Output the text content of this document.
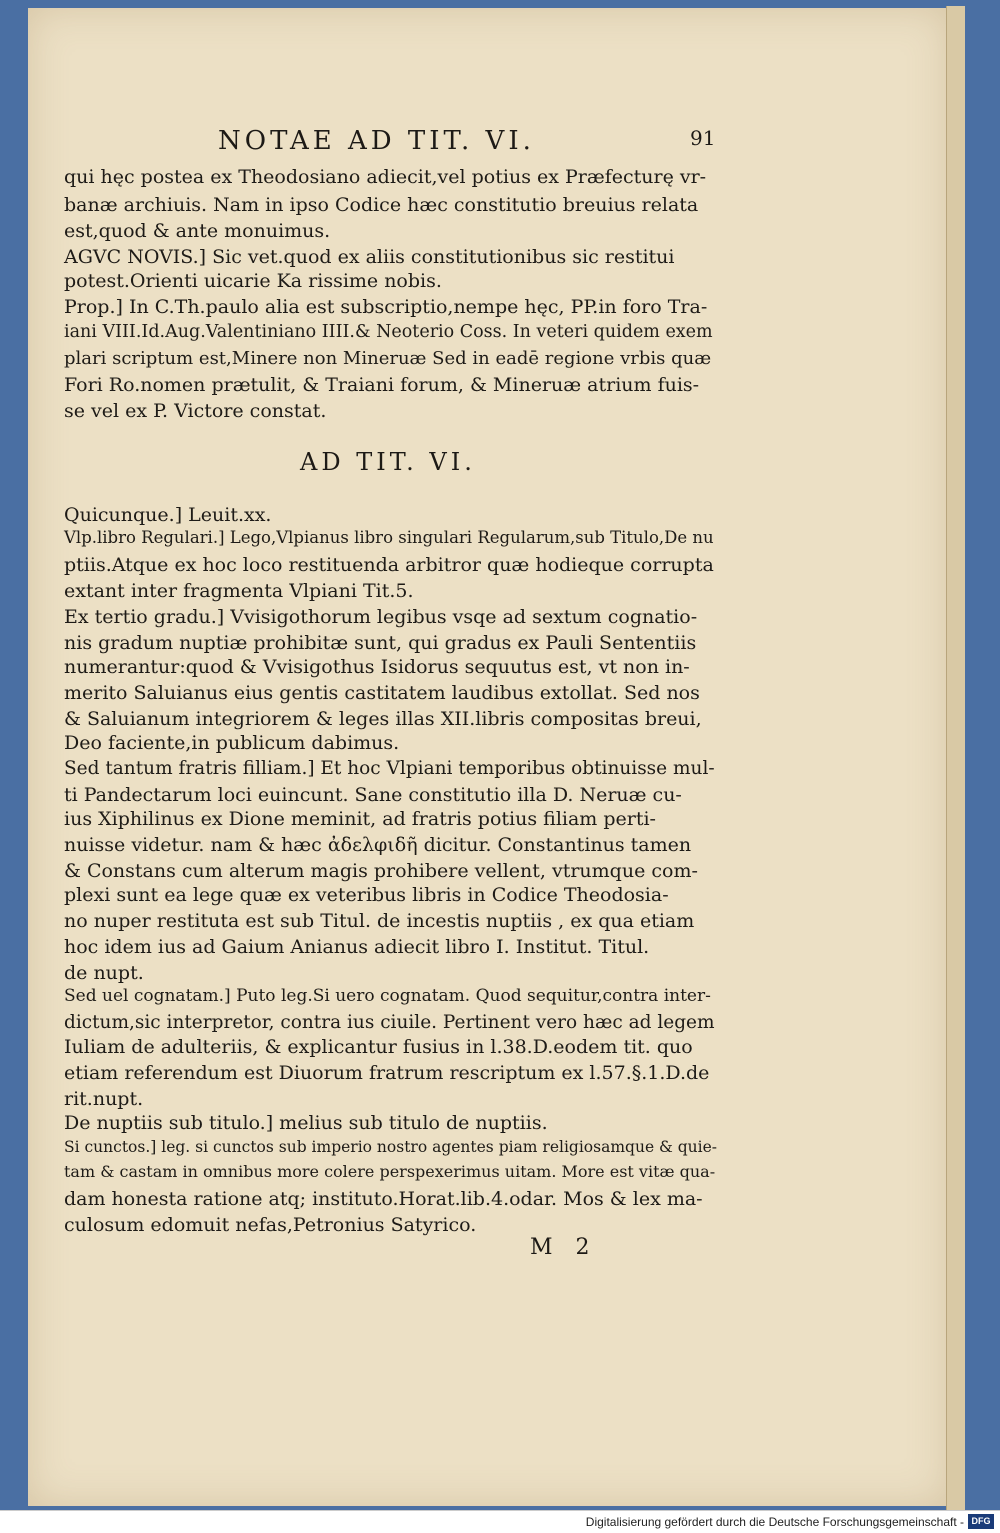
NOTAE AD TIT. VI.	91
qui hęc postea ex Theodosiano adiecit,vel potius ex Præfecturę vr-
banæ archiuis. Nam in ipso Codice hæc constitutio breuius relata
est,quod & ante monuimus.
AGVC NOVIS.] Sic vet.quod ex aliis constitutionibus sic restitui
potest.Orienti uicarie Ka rissime nobis.
Prop.] In C.Th.paulo alia est subscriptio,nempe hęc, PP.in foro Tra-
iani VIII.Id.Aug.Valentiniano IIII.& Neoterio Coss. In veteri quidem exem
plari scriptum est,Minere non Mineruæ Sed in eadē regione vrbis quæ
Fori Ro.nomen prætulit, & Traiani forum, & Mineruæ atrium fuis-
se vel ex P. Victore constat.
AD TIT. VI.
Quicunque.] Leuit.xx.
Vlp.libro Regulari.] Lego,Vlpianus libro singulari Regularum,sub Titulo,De nu
ptiis.Atque ex hoc loco restituenda arbitror quæ hodieque corrupta
extant inter fragmenta Vlpiani Tit.5.
Ex tertio gradu.] Vvisigothorum legibus vsqe ad sextum cognatio-
nis gradum nuptiæ prohibitæ sunt, qui gradus ex Pauli Sententiis
numerantur:quod & Vvisigothus Isidorus sequutus est, vt non in-
merito Saluianus eius gentis castitatem laudibus extollat. Sed nos
& Saluianum integriorem & leges illas XII.libris compositas breui,
Deo faciente,in publicum dabimus.
Sed tantum fratris filliam.] Et hoc Vlpiani temporibus obtinuisse mul-
ti Pandectarum loci euincunt. Sane constitutio illa D. Neruæ cu-
ius Xiphilinus ex Dione meminit, ad fratris potius filiam perti-
nuisse videtur. nam & hæc ἀδελφιδῆ dicitur. Constantinus tamen
& Constans cum alterum magis prohibere vellent, vtrumque com-
plexi sunt ea lege quæ ex veteribus libris in Codice Theodosia-
no nuper restituta est sub Titul. de incestis nuptiis , ex qua etiam
hoc idem ius ad Gaium Anianus adiecit libro I. Institut. Titul.
de nupt.
Sed uel cognatam.] Puto leg.Si uero cognatam. Quod sequitur,contra inter-
dictum,sic interpretor, contra ius ciuile. Pertinent vero hæc ad legem
Iuliam de adulteriis, & explicantur fusius in l.38.D.eodem tit. quo
etiam referendum est Diuorum fratrum rescriptum ex l.57.§.1.D.de
rit.nupt.
De nuptiis sub titulo.] melius sub titulo de nuptiis.
Si cunctos.] leg. si cunctos sub imperio nostro agentes piam religiosamque & quie-
tam & castam in omnibus more colere perspexerimus uitam. More est vitæ qua-
dam honesta ratione atq; instituto.Horat.lib.4.odar. Mos & lex ma-
culosum edomuit nefas,Petronius Satyrico.
M 2
Digitalisierung gefördert durch die Deutsche Forschungsgemeinschaft - DFG
